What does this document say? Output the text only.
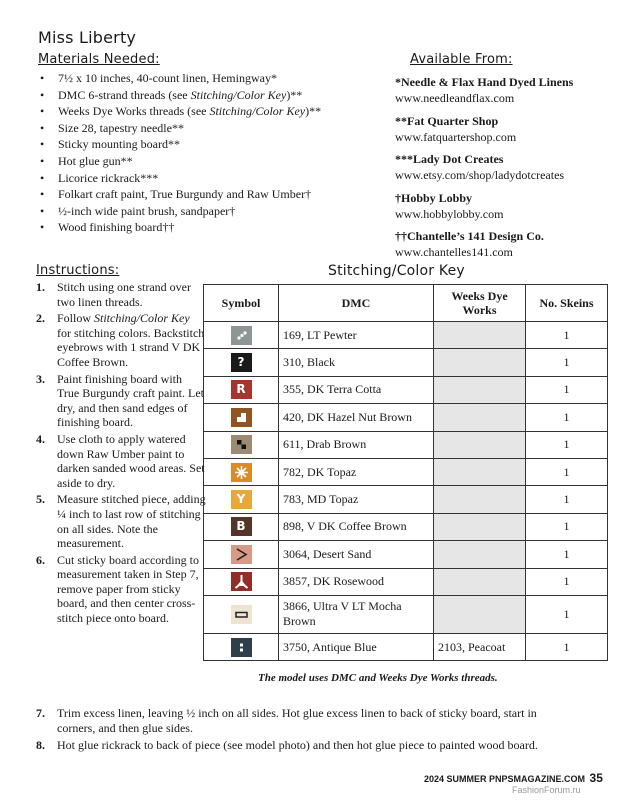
Miss Liberty
Materials Needed:
• 7½ x 10 inches, 40-count linen, Hemingway*
• DMC 6-strand threads (see Stitching/Color Key)**
• Weeks Dye Works threads (see Stitching/Color Key)**
• Size 28, tapestry needle**
• Sticky mounting board**
• Hot glue gun**
• Licorice rickrack***
• Folkart craft paint, True Burgundy and Raw Umber†
• ½-inch wide paint brush, sandpaper†
• Wood finishing board††
Available From:
*Needle & Flax Hand Dyed Linens
www.needleandflax.com
**Fat Quarter Shop
www.fatquartershop.com
***Lady Dot Creates
www.etsy.com/shop/ladydotcreates
†Hobby Lobby
www.hobbylobby.com
††Chantelle’s 141 Design Co.
www.chantelles141.com
Instructions:
1. Stitch using one strand over two linen threads.
2. Follow Stitching/Color Key for stitching colors. Backstitch eyebrows with 1 strand V DK Coffee Brown.
3. Paint finishing board with True Burgundy craft paint. Let dry, and then sand edges of finishing board.
4. Use cloth to apply watered down Raw Umber paint to darken sanded wood areas. Set aside to dry.
5. Measure stitched piece, adding ¼ inch to last row of stitching on all sides. Note the measurement.
6. Cut sticky board according to measurement taken in Step 7, remove paper from sticky board, and then center cross-stitch piece onto board.
7. Trim excess linen, leaving ½ inch on all sides. Hot glue excess linen to back of sticky board, start in corners, and then glue sides.
8. Hot glue rickrack to back of piece (see model photo) and then hot glue piece to painted wood board.
Stitching/Color Key
Symbol	DMC	Weeks Dye Works	No. Skeins

	169, LT Pewter		1

?	310, Black		1

R	355, DK Terra Cotta		1

	420, DK Hazel Nut Brown		1

	611, Drab Brown		1

	782, DK Topaz		1

Y	783, MD Topaz		1

B	898, V DK Coffee Brown		1

	3064, Desert Sand		1

	3857, DK Rosewood		1

	3866, Ultra V LT Mocha Brown		1

	3750, Antique Blue	2103, Peacoat	1
The model uses DMC and Weeks Dye Works threads.
2024 SUMMER PNPSMAGAZINE.COM 35
FashionForum.ru
